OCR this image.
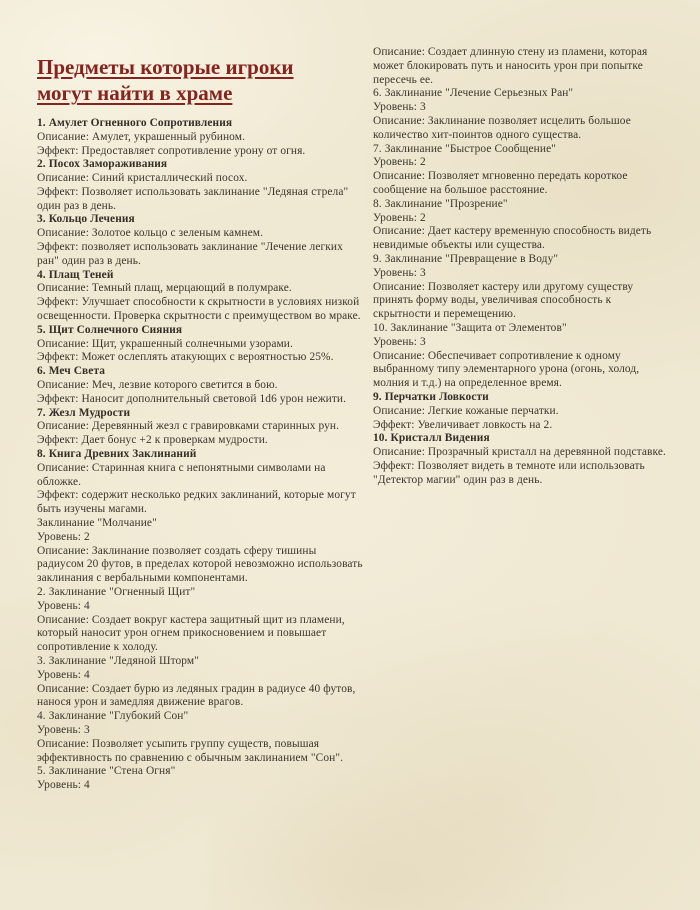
Предметы которые игроки
могут найти в храме

1. Амулет Огненного Сопротивления

Описание: Амулет, украшенный рубином.

Эффект: Предоставляет сопротивление урону от огня.

2. Посох Замораживания

Описание: Синий кристаллический посох.

Эффект: Позволяет использовать заклинание "Ледяная стрела" один раз в день.

3. Кольцо Лечения

Описание: Золотое кольцо с зеленым камнем.

Эффект: позволяет использовать заклинание "Лечение легких ран" один раз в день.

4. Плащ Теней

Описание: Темный плащ, мерцающий в полумраке.

Эффект: Улучшает способности к скрытности в условиях низкой освещенности. Проверка скрытности с преимуществом во мраке.

5. Щит Солнечного Сияния

Описание: Щит, украшенный солнечными узорами.

Эффект: Может ослеплять атакующих с вероятностью 25%.

6. Меч Света

Описание: Меч, лезвие которого светится в бою.

Эффект: Наносит дополнительный световой 1d6 урон нежити.

7. Жезл Мудрости

Описание: Деревянный жезл с гравировками старинных рун.

Эффект: Дает бонус +2 к проверкам мудрости.

8. Книга Древних Заклинаний

Описание: Старинная книга с непонятными символами на обложке.

Эффект: содержит несколько редких заклинаний, которые могут быть изучены магами.

Заклинание "Молчание"

Уровень: 2

Описание: Заклинание позволяет создать сферу тишины радиусом 20 футов, в пределах которой невозможно использовать заклинания с вербальными компонентами.

2. Заклинание "Огненный Щит"

Уровень: 4

Описание: Создает вокруг кастера защитный щит из пламени, который наносит урон огнем прикосновением и повышает сопротивление к холоду.

3. Заклинание "Ледяной Шторм"

Уровень: 4

Описание: Создает бурю из ледяных градин в радиусе 40 футов, нанося урон и замедляя движение врагов.

4. Заклинание "Глубокий Сон"

Уровень: 3

Описание: Позволяет усыпить группу существ, повышая эффективность по сравнению с обычным заклинанием "Сон".

5. Заклинание "Стена Огня"

Уровень: 4

Описание: Создает длинную стену из пламени, которая может блокировать путь и наносить урон при попытке пересечь ее.

6. Заклинание "Лечение Серьезных Ран"

Уровень: 3

Описание: Заклинание позволяет исцелить большое количество хит-поинтов одного существа.

7. Заклинание "Быстрое Сообщение"

Уровень: 2

Описание: Позволяет мгновенно передать короткое сообщение на большое расстояние.

8. Заклинание "Прозрение"

Уровень: 2

Описание: Дает кастеру временную способность видеть невидимые объекты или существа.

9. Заклинание "Превращение в Воду"

Уровень: 3

Описание: Позволяет кастеру или другому существу принять форму воды, увеличивая способность к скрытности и перемещению.

10. Заклинание "Защита от Элементов"

Уровень: 3

Описание: Обеспечивает сопротивление к одному выбранному типу элементарного урона (огонь, холод, молния и т.д.) на определенное время.

9. Перчатки Ловкости

Описание: Легкие кожаные перчатки.

Эффект: Увеличивает ловкость на 2.

10. Кристалл Видения

Описание: Прозрачный кристалл на деревянной подставке.

Эффект: Позволяет видеть в темноте или использовать "Детектор магии" один раз в день.
